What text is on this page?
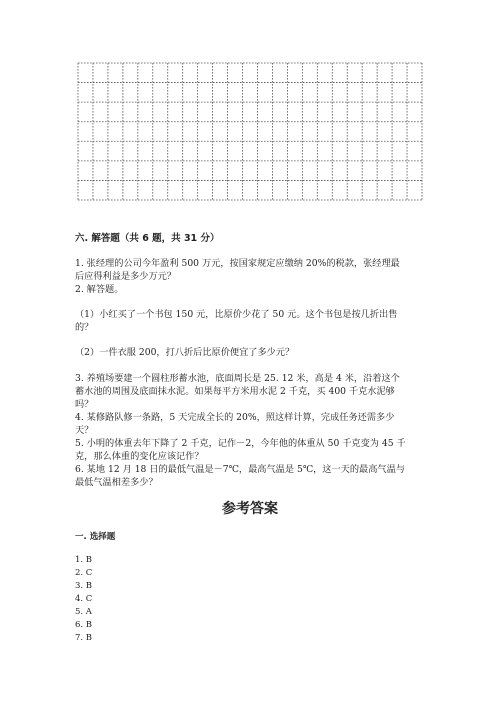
六. 解答题（共 6 题，共 31 分）
1. 张经理的公司今年盈利 500 万元，按国家规定应缴纳 20%的税款，张经理最
后应得利益是多少万元？
2. 解答题。
（1）小红买了一个书包 150 元，比原价少花了 50 元。这个书包是按几折出售
的？
（2）一件衣服 200，打八折后比原价便宜了多少元？
3. 养殖场要建一个圆柱形蓄水池，底面周长是 25. 12 米，高是 4 米，沿着这个
蓄水池的周围及底面抹水泥。如果每平方米用水泥 2 千克，买 400 千克水泥够
吗？
4. 某修路队修一条路，5 天完成全长的 20%，照这样计算，完成任务还需多少
天？
5. 小明的体重去年下降了 2 千克，记作－2，今年他的体重从 50 千克变为 45 千
克，那么体重的变化应该记作？
6. 某地 12 月 18 日的最低气温是－7℃，最高气温是 5℃，这一天的最高气温与
最低气温相差多少？
参考答案
一. 选择题
1. B
2. C
3. B
4. C
5. A
6. B
7. B
